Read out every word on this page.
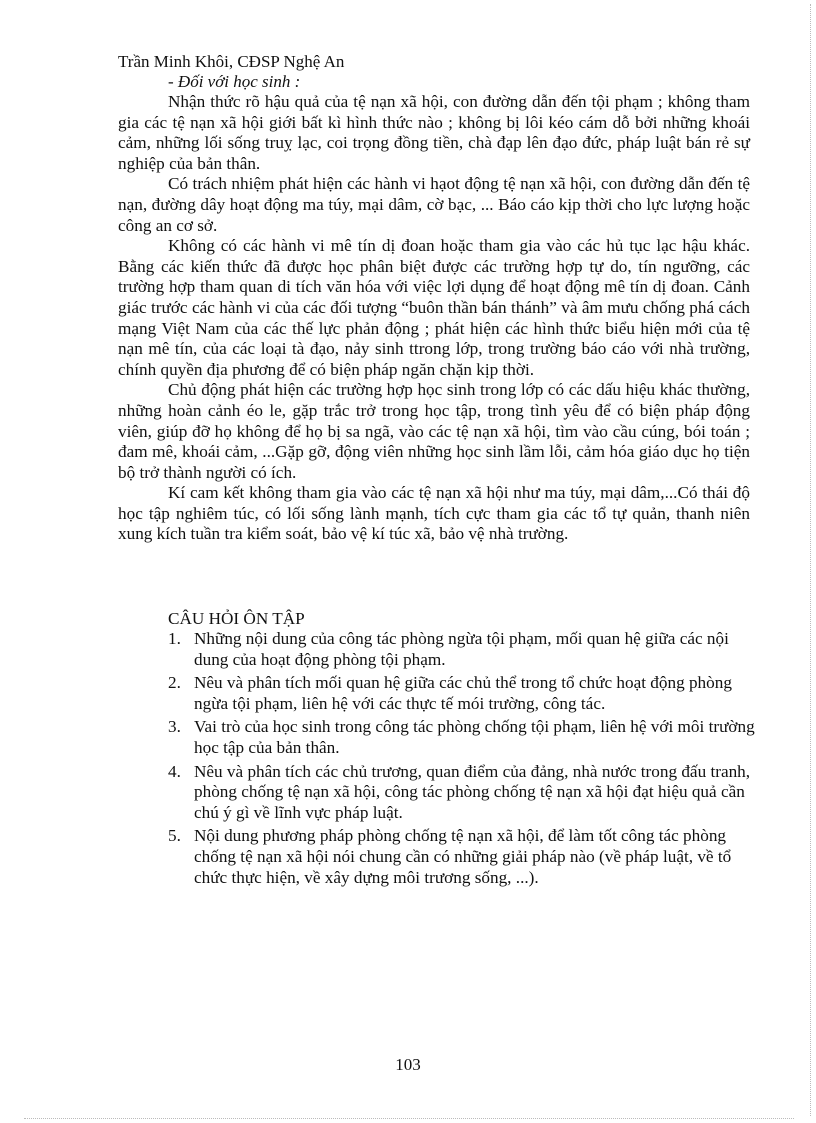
Trần Minh Khôi, CĐSP Nghệ An
- Đối với học sinh :

Nhận thức rõ hậu quả của tệ nạn xã hội, con đường dẫn đến tội phạm ; không tham gia các tệ nạn xã hội giới bất kì hình thức nào ; không bị lôi kéo cám dỗ bởi những khoái cảm, những lối sống truỵ lạc, coi trọng đồng tiền, chà đạp lên đạo đức, pháp luật bán rẻ sự nghiệp của bản thân.

Có trách nhiệm phát hiện các hành vi hạot động tệ nạn xã hội, con đường dẫn đến tệ nạn, đường dây hoạt động ma túy, mại dâm, cờ bạc, ... Báo cáo kịp thời cho lực lượng hoặc công an cơ sở.

Không có các hành vi mê tín dị đoan hoặc tham gia vào các hủ tục lạc hậu khác. Bằng các kiến thức đã được học phân biệt được các trường hợp tự do, tín ngưỡng, các trường hợp tham quan di tích văn hóa với việc lợi dụng để hoạt động mê tín dị đoan. Cảnh giác trước các hành vi của các đối tượng “buôn thần bán thánh” và âm mưu chống phá cách mạng Việt Nam của các thế lực phản động ; phát hiện các hình thức biểu hiện mới của tệ nạn mê tín, của các loại tà đạo, nảy sinh ttrong lớp, trong trường báo cáo với nhà trường, chính quyền địa phương để có biện pháp ngăn chặn kịp thời.

Chủ động phát hiện các trường hợp học sinh trong lớp có các dấu hiệu khác thường, những hoàn cảnh éo le, gặp trắc trở trong học tập, trong tình yêu để có biện pháp động viên, giúp đỡ họ không để họ bị sa ngã, vào các tệ nạn xã hội, tìm vào cầu cúng, bói toán ; đam mê, khoái cảm, ...Gặp gỡ, động viên những học sinh lầm lỗi, cảm hóa giáo dục họ tiện bộ trở thành người có ích.

Kí cam kết không tham gia vào các tệ nạn xã hội như ma túy, mại dâm,...Có thái độ học tập nghiêm túc, có lối sống lành mạnh, tích cực tham gia các tổ tự quản, thanh niên xung kích tuần tra kiểm soát, bảo vệ kí túc xã, bảo vệ nhà trường.

CÂU HỎI ÔN TẬP
1. Những nội dung của công tác phòng ngừa tội phạm, mối quan hệ giữa các nội dung của hoạt động phòng tội phạm.
2. Nêu và phân tích mối quan hệ giữa các chủ thể trong tổ chức hoạt động phòng ngừa tội phạm, liên hệ với các thực tế mói trường, công tác.
3. Vai trò của học sinh trong công tác phòng chống tội phạm, liên hệ với môi trường học tập của bản thân.
4. Nêu và phân tích các chủ trương, quan điểm của đảng, nhà nước trong đấu tranh, phòng chống tệ nạn xã hội, công tác phòng chống tệ nạn xã hội đạt hiệu quả cần chú ý gì về lĩnh vực pháp luật.
5. Nội dung phương pháp phòng chống tệ nạn xã hội, để làm tốt công tác phòng chống tệ nạn xã hội nói chung cần có những giải pháp nào (về pháp luật, về tổ chức thực hiện, về xây dựng môi trương sống, ...).
103
